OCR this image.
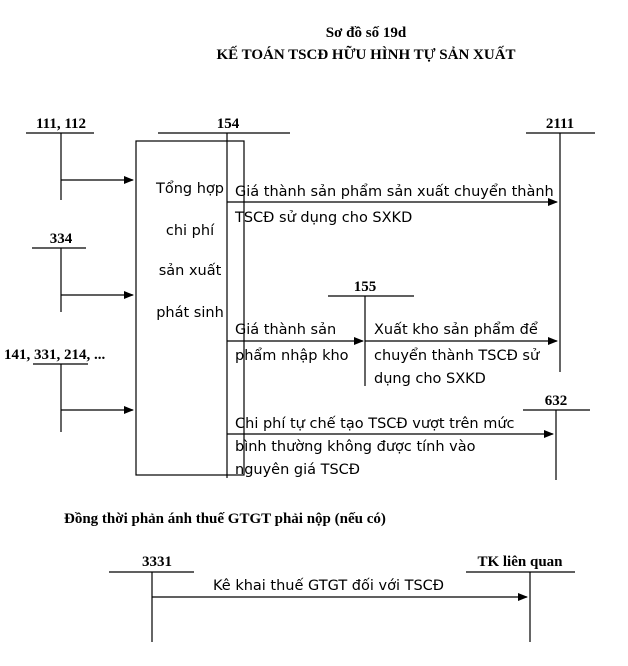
Sơ đồ số 19d
KẾ TOÁN TSCĐ HỮU HÌNH TỰ SẢN XUẤT
111, 112	154
Tổng hợp
chi phí
sản xuất
phát sinh
2111
Giá thành sản phẩm sản xuất chuyển thành
TSCĐ sử dụng cho SXKD
334
155
Giá thành sản
phẩm nhập kho
Xuất kho sản phẩm để
chuyển thành TSCĐ sử
dụng cho SXKD
141, 331, 214, ...
632
Chi phí tự chế tạo TSCĐ vượt trên mức
bình thường không được tính vào
nguyên giá TSCĐ
Đồng thời phản ánh thuế GTGT phải nộp (nếu có)
3331	TK liên quan
Kê khai thuế GTGT đối với TSCĐ
